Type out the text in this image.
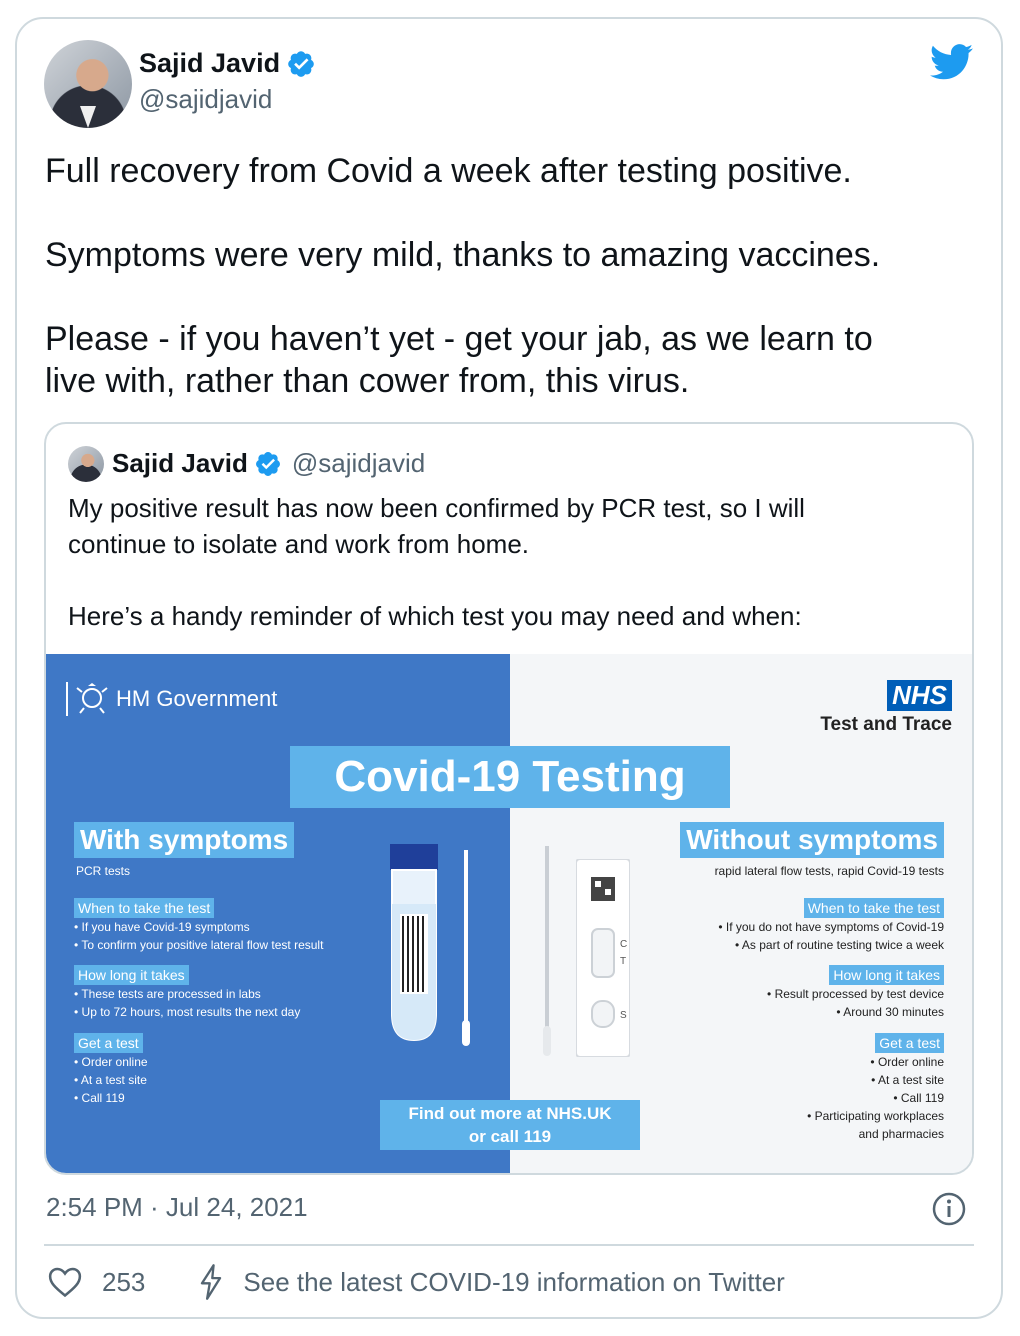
Sajid Javid
@sajidjavid

Full recovery from Covid a week after testing positive.

Symptoms were very mild, thanks to amazing vaccines.

Please - if you haven’t yet - get your jab, as we learn to

live with, rather than cower from, this virus.

Sajid Javid @sajidjavid
My positive result has now been confirmed by PCR test, so I will
continue to isolate and work from home.
Here’s a handy reminder of which test you may need and when:
HM Government	NHS
Test and Trace
Covid-19 Testing
With symptoms
PCR tests
When to take the test
• If you have Covid-19 symptoms
• To confirm your positive lateral flow test result
How long it takes
• These tests are processed in labs
• Up to 72 hours, most results the next day
Get a test
• Order online
• At a test site
• Call 119
Without symptoms
rapid lateral flow tests, rapid Covid-19 tests
When to take the test
• If you do not have symptoms of Covid-19
• As part of routine testing twice a week
How long it takes
• Result processed by test device
• Around 30 minutes
Get a test
• Order online
• At a test site
• Call 119
• Participating workplaces
and pharmacies
C
T
S
Find out more at NHS.UK
or call 119
2:54 PM · Jul 24, 2021
253	See the latest COVID-19 information on Twitter
